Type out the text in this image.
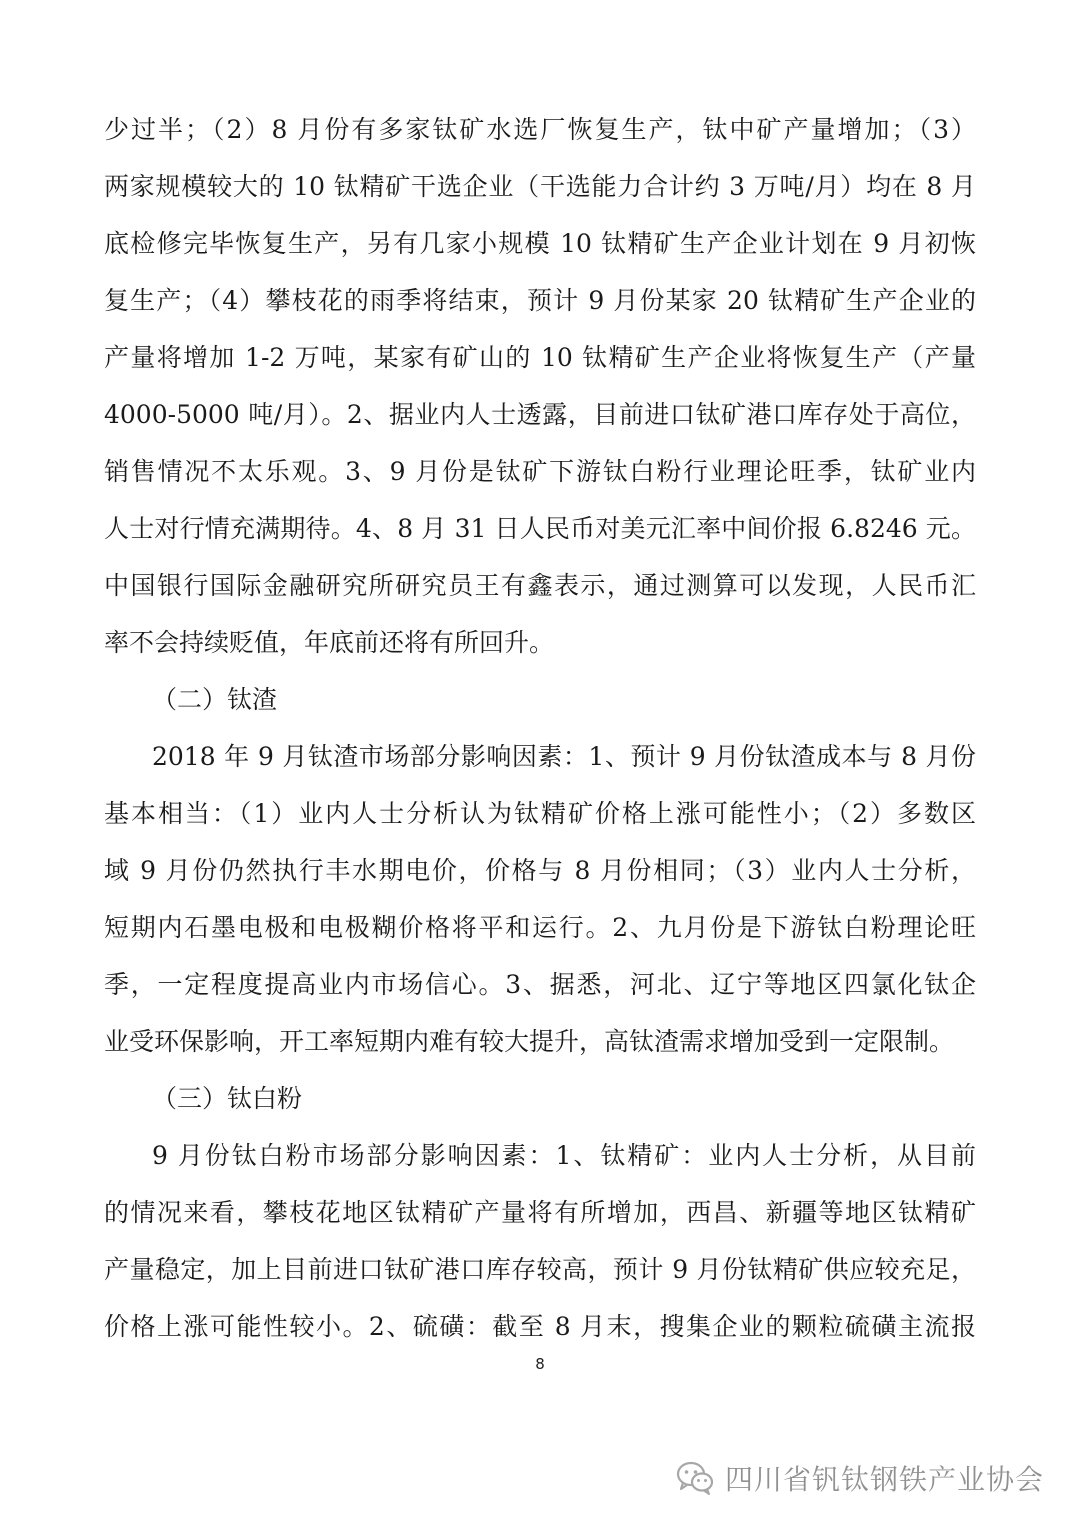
少过半；（2）8 月份有多家钛矿水选厂恢复生产，钛中矿产量增加；（3）
两家规模较大的 10 钛精矿干选企业（干选能力合计约 3 万吨/月）均在 8 月
底检修完毕恢复生产，另有几家小规模 10 钛精矿生产企业计划在 9 月初恢
复生产；（4）攀枝花的雨季将结束，预计 9 月份某家 20 钛精矿生产企业的
产量将增加 1-2 万吨，某家有矿山的 10 钛精矿生产企业将恢复生产（产量
4000-5000 吨/月）。2、据业内人士透露，目前进口钛矿港口库存处于高位，
销售情况不太乐观。3、9 月份是钛矿下游钛白粉行业理论旺季，钛矿业内
人士对行情充满期待。4、8 月 31 日人民币对美元汇率中间价报 6.8246 元。
中国银行国际金融研究所研究员王有鑫表示，通过测算可以发现，人民币汇
率不会持续贬值，年底前还将有所回升。
（二）钛渣
2018 年 9 月钛渣市场部分影响因素：1、预计 9 月份钛渣成本与 8 月份
基本相当：（1）业内人士分析认为钛精矿价格上涨可能性小；（2）多数区
域 9 月份仍然执行丰水期电价，价格与 8 月份相同；（3）业内人士分析，
短期内石墨电极和电极糊价格将平和运行。2、九月份是下游钛白粉理论旺
季，一定程度提高业内市场信心。3、据悉，河北、辽宁等地区四氯化钛企
业受环保影响，开工率短期内难有较大提升，高钛渣需求增加受到一定限制。
（三）钛白粉
9 月份钛白粉市场部分影响因素：1、钛精矿：业内人士分析，从目前
的情况来看，攀枝花地区钛精矿产量将有所增加，西昌、新疆等地区钛精矿
产量稳定，加上目前进口钛矿港口库存较高，预计 9 月份钛精矿供应较充足，
价格上涨可能性较小。2、硫磺：截至 8 月末，搜集企业的颗粒硫磺主流报
8
四川省钒钛钢铁产业协会
